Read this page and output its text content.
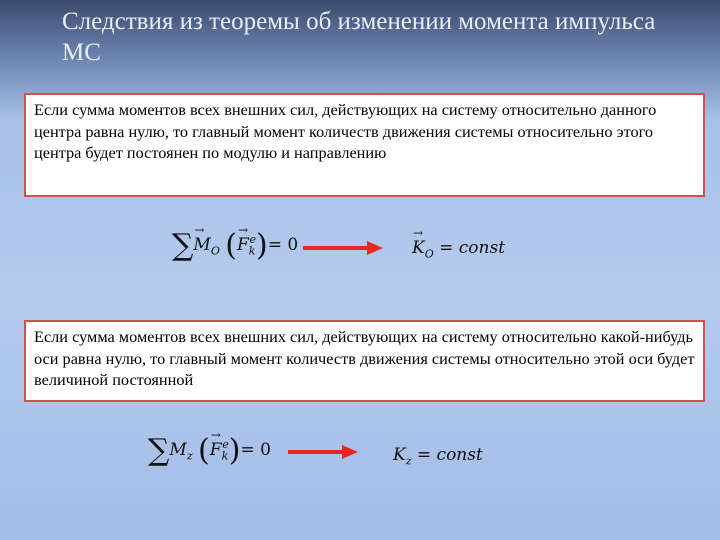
Следствия из теоремы об изменении момента импульса МС
Если сумма моментов всех внешних сил, действующих на систему относительно данного центра равна нулю, то главный момент количеств движения системы относительно этого центра будет постоянен по модулю и направлению
∑ →
$M_O$ ( →
$F_k^e)= 0$
→
$K_O$ = const
Если сумма моментов всех внешних сил, действующих на систему относительно какой-нибудь оси равна нулю, то главный момент количеств движения системы относительно этой оси будет величиной постоянной
$\sum M_z$ ( →
$F_k^e)= 0$	$K_z$ = const
